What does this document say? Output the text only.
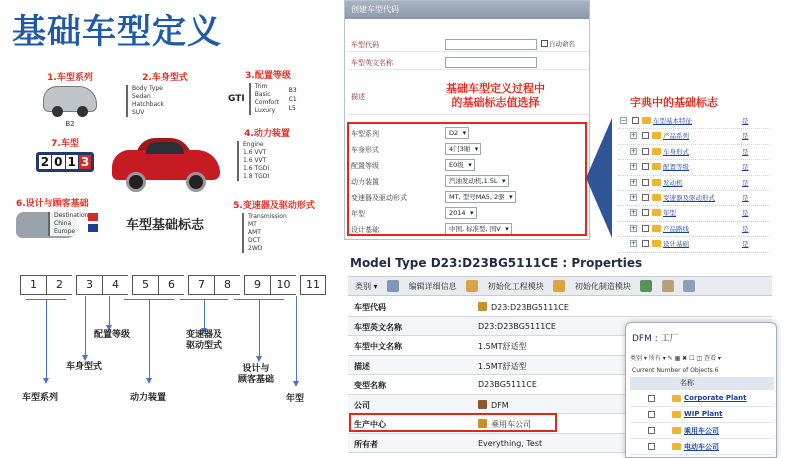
基础车型定义
1.车型系列
B2
2.车身型式
Body Type
Sedan
Hatchback
SUV
3.配置等级
GTI
Trim
Basic
Comfort
Luxury
B3
C1
L5
7.车型
2 0 1 3
4.动力装置
Engine
1.6 VVT
1.6 VVT
1.6 TGDI
1.8 TGDI
6.设计与顾客基础
Destination
China
Europe	车型基础标志
5.变速器及驱动形式
Transmission
MT
AMT
DCT
2WD
1	2	3	4	5	6	7	8	9	10	11
车型系列
车身型式
配置等级
动力装置
变速器及
驱动型式
设计与
顾客基础
年型
创建车型代码
车型代码	自动命名
车型英文名称
描述
车型系列	D2 ▾
车身形式	4门3厢 ▾
配置等级	E0级 ▾
动力装置	汽油发动机,1.5L ▾
变速器及驱动形式	MT, 型号MA5, 2驱 ▾
年型	2014 ▾
设计基础	中国, 标准型, 国V ▾
基础车型定义过程中
的基础标志值选择	字典中的基础标志
−	车型基本特征	是
+	产品系列	是
+	车身形式	是
+	配置等级	是
+	发动机	是
+	变速器及驱动形式	是
+	年型	是
+	产品路线	是
+	设计基础	是
Model Type D23:D23BG5111CE : Properties
类别 ▾	编辑详细信息	初始化工程模块	初始化制造模块
车型代码	D23:D23BG5111CE
车型英文名称	D23:D23BG5111CE
车型中文名称	1.5MT舒适型
描述	1.5MT舒适型
变型名称	D23BG5111CE
公司	DFM
生产中心	乘用车公司
所有者	Everything, Test
DFM : 工厂
类别 ▾ 所有 ▾ ✎ ▦ ✖ ☐ ◫ 查看 ▾
Current Number of Objects 6
名称
Corporate Plant
WIP Plant
乘用车公司
电动车公司
